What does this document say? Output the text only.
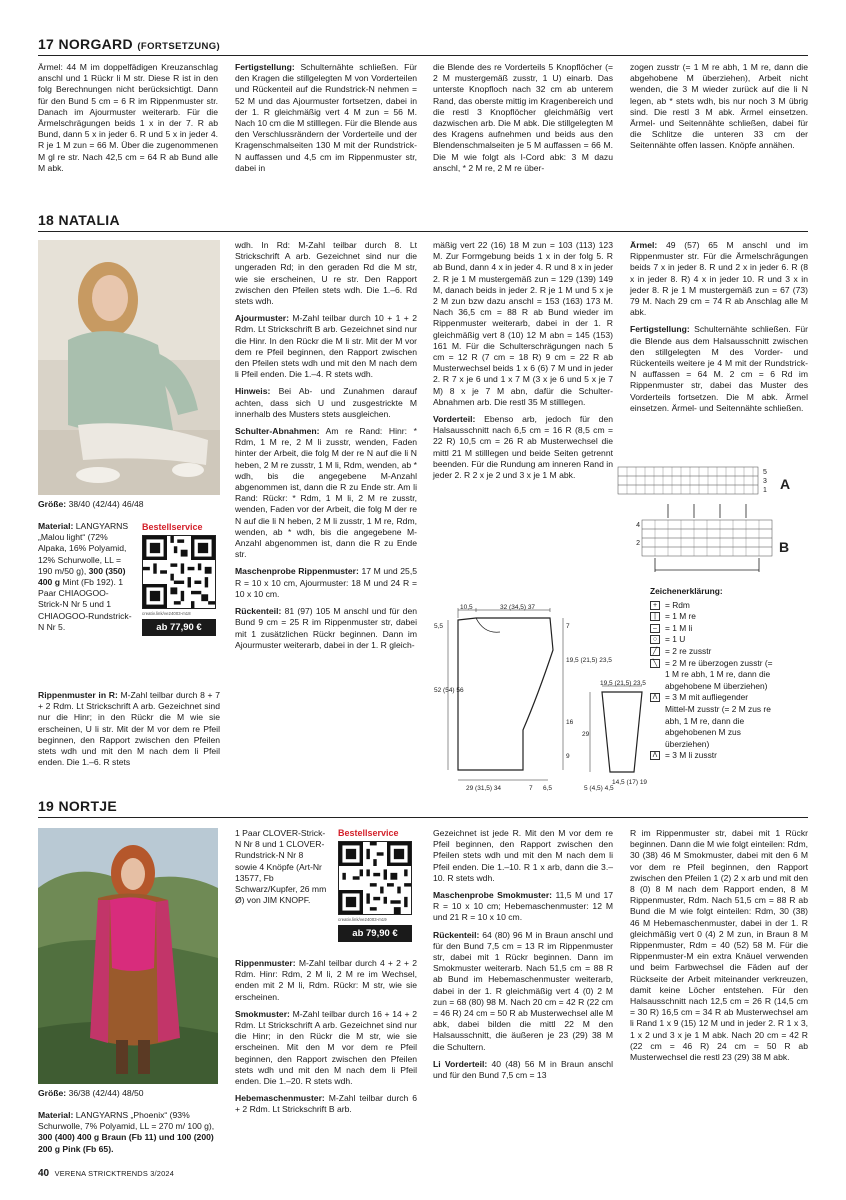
17 NORGARD (FORTSETZUNG)

Ärmel: 44 M im doppelfädigen Kreuzanschlag anschl und 1 Rückr li M str. Diese R ist in den folg Berechnungen nicht berücksichtigt. Dann für den Bund 5 cm = 6 R im Rippenmuster str. Danach im Ajourmuster weiterarb. Für die Ärmelschrägungen beids 1 x in der 7. R ab Bund, dann 5 x in jeder 6. R und 5 x in jeder 4. R je 1 M zun = 66 M. Über die zugenommenen M gl re str. Nach 42,5 cm = 64 R ab Bund alle M abk.

Fertigstellung: Schulternähte schließen. Für den Kragen die stillgelegten M von Vorderteilen und Rückenteil auf die Rundstrick-N nehmen = 52 M und das Ajourmuster fortsetzen, dabei in der 1. R gleichmäßig vert 4 M zun = 56 M. Nach 10 cm die M stilllegen. Für die Blende aus den Verschlussrändern der Vorderteile und der Kragenschmalseiten 130 M mit der Rundstrick-N auffassen und 4,5 cm im Rippenmuster str, dabei in

die Blende des re Vorderteils 5 Knopflöcher (= 2 M mustergemäß zusstr, 1 U) einarb. Das unterste Knopfloch nach 32 cm ab unterem Rand, das oberste mittig im Kragenbereich und die restl 3 Knopflöcher gleichmäßig vert dazwischen arb. Die M abk. Die stillgelegten M des Kragens aufnehmen und beids aus den Blendenschmalseiten je 5 M auffassen = 66 M. Die M wie folgt als I-Cord abk: 3 M dazu anschl, * 2 M re, 2 M re über-

zogen zusstr (= 1 M re abh, 1 M re, dann die abgehobene M überziehen), Arbeit nicht wenden, die 3 M wieder zurück auf die li N legen, ab * stets wdh, bis nur noch 3 M übrig sind. Die restl 3 M abk. Ärmel einsetzen. Ärmel- und Seitennähte schließen, dabei für die Schlitze die unteren 33 cm der Seitennähte offen lassen. Knöpfe annähen.

18 NATALIA

Größe: 38/40 (42/44) 46/48

Material: LANGYARNS „Malou light“ (72% Alpaka, 16% Polyamid, 12% Schurwolle, LL = 190 m/50 g), 300 (350) 400 g Mint (Fb 192). 1 Paar CHIAOGOO-Strick-N Nr 5 und 1 CHIAOGOO-Rundstrick-N Nr 5.

Bestellservice
creativ.link/ve24003-m18
ab 77,90 €

Rippenmuster in R: M-Zahl teilbar durch 8 + 7 + 2 Rdm. Lt Strickschrift A arb. Gezeichnet sind nur die Hinr; in den Rückr die M wie sie erscheinen, U li str. Mit der M vor dem re Pfeil beginnen, den Rapport zwischen den Pfeilen stets wdh und mit den M nach dem li Pfeil enden. Die 1.–6. R stets

wdh. In Rd: M-Zahl teilbar durch 8. Lt Strickschrift A arb. Gezeichnet sind nur die ungeraden Rd; in den geraden Rd die M str, wie sie erscheinen, U re str. Den Rapport zwischen den Pfeilen stets wdh. Die 1.–6. Rd stets wdh.

Ajourmuster: M-Zahl teilbar durch 10 + 1 + 2 Rdm. Lt Strickschrift B arb. Gezeichnet sind nur die Hinr. In den Rückr die M li str. Mit der M vor dem re Pfeil beginnen, den Rapport zwischen den Pfeilen stets wdh und mit den M nach dem li Pfeil enden. Die 1.–4. R stets wdh.

Hinweis: Bei Ab- und Zunahmen darauf achten, dass sich U und zusgestrickte M innerhalb des Musters stets ausgleichen.

Schulter-Abnahmen: Am re Rand: Hinr: * Rdm, 1 M re, 2 M li zusstr, wenden, Faden hinter der Arbeit, die folg M der re N auf die li N heben, 2 M re zusstr, 1 M li, Rdm, wenden, ab * wdh, bis die angegebene M-Anzahl abgenommen ist, dann die R zu Ende str. Am li Rand: Rückr: * Rdm, 1 M li, 2 M re zusstr, wenden, Faden vor der Arbeit, die folg M der re N auf die li N heben, 2 M li zusstr, 1 M re, Rdm, wenden, ab * wdh, bis die angegebene M-Anzahl abgenommen ist, dann die R zu Ende str.

Maschenprobe Rippenmuster: 17 M und 25,5 R = 10 x 10 cm, Ajourmuster: 18 M und 24 R = 10 x 10 cm.

Rückenteil: 81 (97) 105 M anschl und für den Bund 9 cm = 25 R im Rippenmuster str, dabei mit 1 zusätzlichen Rückr beginnen. Dann im Ajourmuster weiterarb, dabei in der 1. R gleich-

mäßig vert 22 (16) 18 M zun = 103 (113) 123 M. Zur Formgebung beids 1 x in der folg 5. R ab Bund, dann 4 x in jeder 4. R und 8 x in jeder 2. R je 1 M mustergemäß zun = 129 (139) 149 M, danach beids in jeder 2. R je 1 M und 5 x je 2 M zun bzw dazu anschl = 153 (163) 173 M. Nach 36,5 cm = 88 R ab Bund wieder im Rippenmuster weiterarb, dabei in der 1. R gleichmäßig vert 8 (10) 12 M abn = 145 (153) 161 M. Für die Schulterschrägungen nach 5 cm = 12 R (7 cm = 18 R) 9 cm = 22 R ab Musterwechsel beids 1 x 6 (6) 7 M und in jeder 2. R 7 x je 6 und 1 x 7 M (3 x je 6 und 5 x je 7 M) 8 x je 7 M abn, dafür die Schulter-Abnahmen arb. Die restl 35 M stilllegen.

Vorderteil: Ebenso arb, jedoch für den Halsausschnitt nach 6,5 cm = 16 R (8,5 cm = 22 R) 10,5 cm = 26 R ab Musterwechsel die mittl 21 M stilllegen und beide Seiten getrennt beenden. Für die Rundung am inneren Rand in jeder 2. R 2 x je 2 und 3 x je 1 M abk.

Ärmel: 49 (57) 65 M anschl und im Rippenmuster str. Für die Ärmelschrägungen beids 7 x in jeder 8. R und 2 x in jeder 6. R (8 x in jeder 8. R) 4 x in jeder 10. R und 3 x in jeder 8. R je 1 M mustergemäß zun = 67 (73) 79 M. Nach 29 cm = 74 R ab Anschlag alle M abk.

Fertigstellung: Schulternähte schließen. Für die Blende aus dem Halsausschnitt zwischen den stillgelegten M des Vorder- und Rückenteils weitere je 4 M mit der Rundstrick-N auffassen = 64 M. 2 cm = 6 Rd im Rippenmuster str, dabei das Muster des Vorderteils fortsetzen. Die M abk. Ärmel einsetzen. Ärmel- und Seitennähte schließen.

10,5	32 (34,5) 37
5,5
52 (54) 56
7
19,5 (21,5) 23,5
16
9
29 (31,5) 34	7 6,5
19,5 (21,5) 23,5
29
5 (4,5) 4,5
14,5 (17) 19
5
3
1 A
4
2	B
Zeichenerklärung:
+ = Rdm
|	= 1 M re
– = 1 M li
○ = 1 U
╱ = 2 re zusstr
╲ = 2 M re überzogen zusstr (= 1 M re abh, 1 M re, dann die abgehobene M überziehen)
Λ = 3 M mit aufliegender Mittel-M zusstr (= 2 M zus re abh, 1 M re, dann die abgehobenen M zus überziehen)
Ʌ = 3 M li zusstr
19 NORTJE

Größe: 36/38 (42/44) 48/50

Material: LANGYARNS „Phoenix“ (93% Schurwolle, 7% Polyamid, LL = 270 m/ 100 g), 300 (400) 400 g Braun (Fb 11) und 100 (200) 200 g Pink (Fb 65).

1 Paar CLOVER-Strick-N Nr 8 und 1 CLOVER-Rundstrick-N Nr 8 sowie 4 Knöpfe (Art-Nr 13577, Fb Schwarz/Kupfer, 26 mm Ø) von JIM KNOPF.

Bestellservice
creativ.link/ve24003-m19
ab 79,90 €

Rippenmuster: M-Zahl teilbar durch 4 + 2 + 2 Rdm. Hinr: Rdm, 2 M li, 2 M re im Wechsel, enden mit 2 M li, Rdm. Rückr: M str, wie sie erscheinen.

Smokmuster: M-Zahl teilbar durch 16 + 14 + 2 Rdm. Lt Strickschrift A arb. Gezeichnet sind nur die Hinr; in den Rückr die M str, wie sie erscheinen. Mit den M vor dem re Pfeil beginnen, den Rapport zwischen den Pfeilen stets wdh und mit den M nach dem li Pfeil enden. Die 1.–20. R stets wdh.

Hebemaschenmuster: M-Zahl teilbar durch 6 + 2 Rdm. Lt Strickschrift B arb.

Gezeichnet ist jede R. Mit den M vor dem re Pfeil beginnen, den Rapport zwischen den Pfeilen stets wdh und mit den M nach dem li Pfeil enden. Die 1.–10. R 1 x arb, dann die 3.–10. R stets wdh.

Maschenprobe Smokmuster: 11,5 M und 17 R = 10 x 10 cm; Hebemaschenmuster: 12 M und 21 R = 10 x 10 cm.

Rückenteil: 64 (80) 96 M in Braun anschl und für den Bund 7,5 cm = 13 R im Rippenmuster str, dabei mit 1 Rückr beginnen. Dann im Smokmuster weiterarb. Nach 51,5 cm = 88 R ab Bund im Hebemaschenmuster weiterarb, dabei in der 1. R gleichmäßig vert 4 (0) 2 M zun = 68 (80) 98 M. Nach 20 cm = 42 R (22 cm = 46 R) 24 cm = 50 R ab Musterwechsel alle M abk, dabei bilden die mittl 22 M den Halsausschnitt, die äußeren je 23 (29) 38 M die Schultern.

Li Vorderteil: 40 (48) 56 M in Braun anschl und für den Bund 7,5 cm = 13

R im Rippenmuster str, dabei mit 1 Rückr beginnen. Dann die M wie folgt einteilen: Rdm, 30 (38) 46 M Smokmuster, dabei mit den 6 M vor dem re Pfeil beginnen, den Rapport zwischen den Pfeilen 1 (2) 2 x arb und mit den 8 (0) 8 M nach dem Rapport enden, 8 M Rippenmuster, Rdm. Nach 51,5 cm = 88 R ab Bund die M wie folgt einteilen: Rdm, 30 (38) 46 M Hebemaschenmuster, dabei in der 1. R gleichmäßig vert 0 (4) 2 M zun, in Braun 8 M Rippenmuster, Rdm = 40 (52) 58 M. Für die Rippenmuster-M ein extra Knäuel verwenden und beim Farbwechsel die Fäden auf der Rückseite der Arbeit miteinander verkreuzen, damit keine Löcher entstehen. Für den Halsausschnitt nach 12,5 cm = 26 R (14,5 cm = 30 R) 16,5 cm = 34 R ab Musterwechsel am li Rand 1 x 9 (15) 12 M und in jeder 2. R 1 x 3, 1 x 2 und 3 x je 1 M abk. Nach 20 cm = 42 R (22 cm = 46 R) 24 cm = 50 R ab Musterwechsel die restl 23 (29) 38 M abk.

40 VERENA STRICKTRENDS 3/2024
